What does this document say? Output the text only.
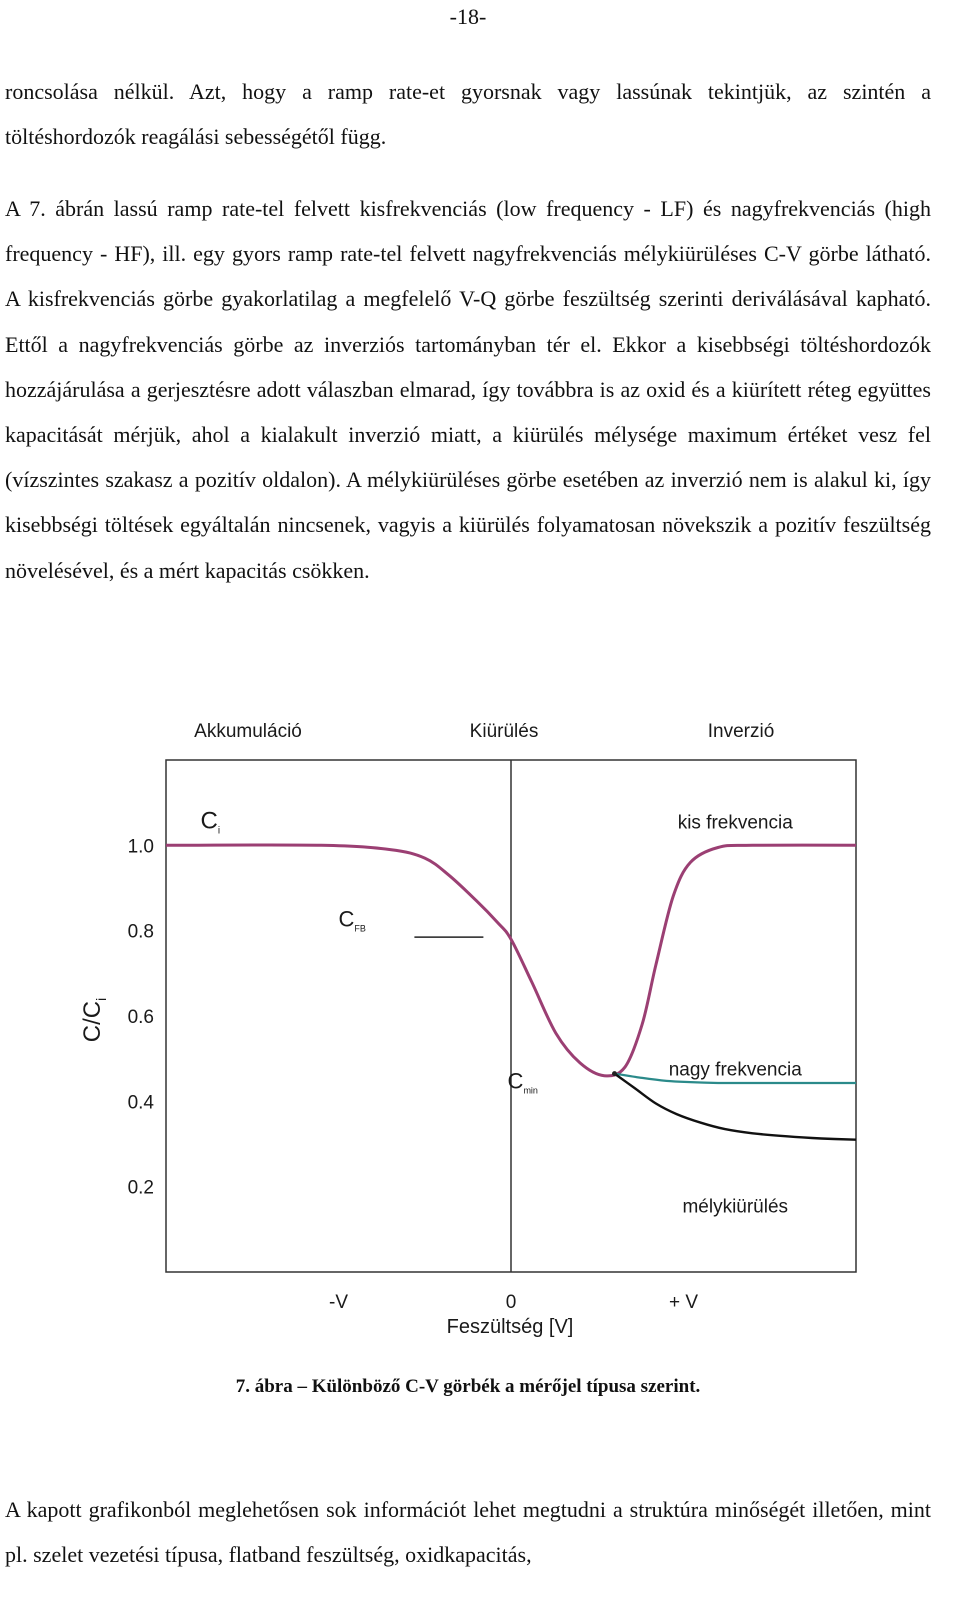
-18-

roncsolása nélkül. Azt, hogy a ramp rate-et gyorsnak vagy lassúnak tekintjük, az szintén a töltéshordozók reagálási sebességétől függ.

A 7. ábrán lassú ramp rate-tel felvett kisfrekvenciás (low frequency - LF) és nagyfrekvenciás (high frequency - HF), ill. egy gyors ramp rate-tel felvett nagyfrekvenciás mélykiürüléses C-V görbe látható. A kisfrekvenciás görbe gyakorlatilag a megfelelő V-Q görbe feszültség szerinti deriválásával kapható. Ettől a nagyfrekvenciás görbe az inverziós tartományban tér el. Ekkor a kisebbségi töltéshordozók hozzájárulása a gerjesztésre adott válaszban elmarad, így továbbra is az oxid és a kiürített réteg együttes kapacitását mérjük, ahol a kialakult inverzió miatt, a kiürülés mélysége maximum értéket vesz fel (vízszintes szakasz a pozitív oldalon). A mélykiürüléses görbe esetében az inverzió nem is alakul ki, így kisebbségi töltések egyáltalán nincsenek, vagyis a kiürülés folyamatosan növekszik a pozitív feszültség növelésével, és a mért kapacitás csökken.

Akkumuláció	Kiürülés	Inverzió
$C/C_i$
Feszültség [V]
1.0
0.8
0.6
0.4
0.2
-V	0	+ V
kis frekvencia
nagy frekvencia
mélykiürülés
$C_i$
$C_{FB}$
$C_{min}$
7. ábra – Különböző C-V görbék a mérőjel típusa szerint.

A kapott grafikonból meglehetősen sok információt lehet megtudni a struktúra minőségét illetően, mint pl. szelet vezetési típusa, flatband feszültség, oxidkapacitás,
